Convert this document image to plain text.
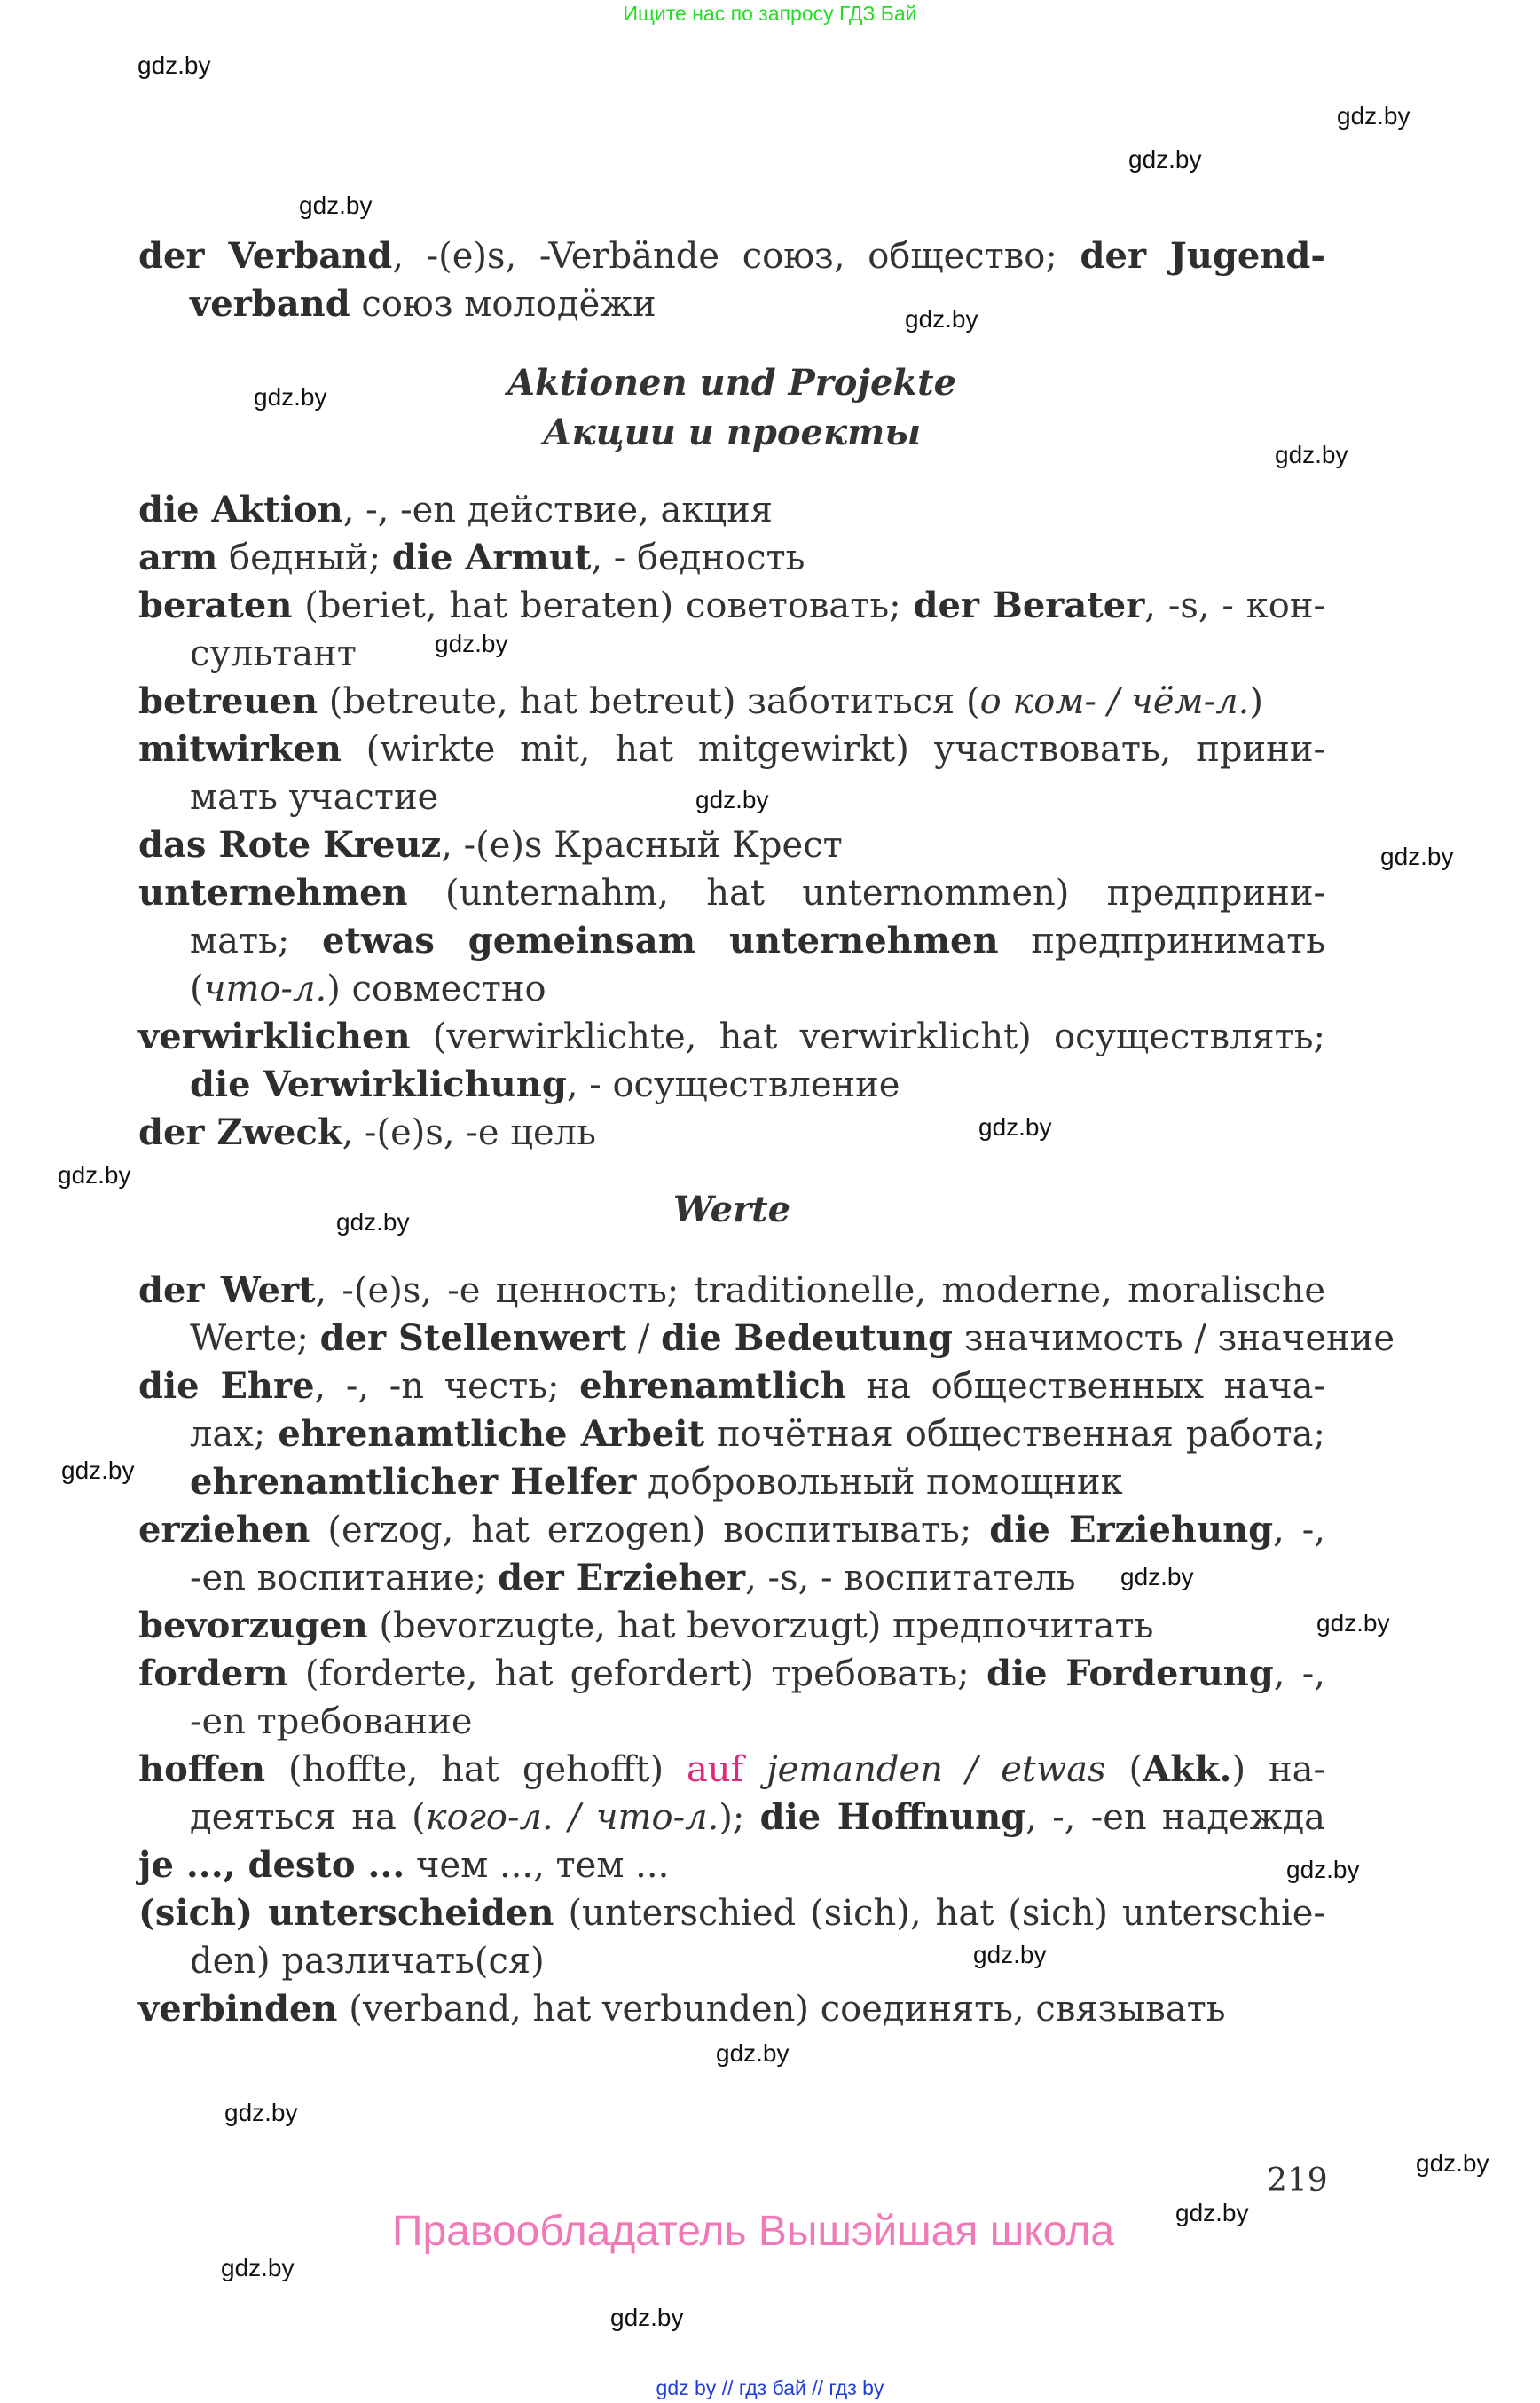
Ищите нас по запросу ГДЗ Бай
gdz.by
gdz.by
gdz.by
gdz.by
gdz.by
gdz.by
gdz.by
gdz.by
gdz.by
gdz.by
gdz.by
gdz.by
gdz.by
gdz.by
gdz.by
gdz.by
gdz.by
gdz.by
gdz.by
gdz.by
gdz.by
gdz.by
gdz.by
gdz.by
der Verband, -(e)s, -Verbände союз, общество; der Jugend-
verband союз молодёжи
Aktionen und Projekte
Акции и проекты
die Aktion, -, -en действие, акция
arm бедный; die Armut, - бедность
beraten (beriet, hat beraten) советовать; der Berater, -s, - кон-
сультант
betreuen (betreute, hat betreut) заботиться (о ком- / чём-л.)
mitwirken (wirkte mit, hat mitgewirkt) участвовать, прини-
мать участие
das Rote Kreuz, -(e)s Красный Крест
unternehmen (unternahm, hat unternommen) предприни-
мать; etwas gemeinsam unternehmen предпринимать
(что-л.) совместно
verwirklichen (verwirklichte, hat verwirklicht) осуществлять;
die Verwirklichung, - осуществление
der Zweck, -(e)s, -e цель
Werte
der Wert, -(e)s, -e ценность; traditionelle, moderne, moralische
Werte; der Stellenwert / die Bedeutung значимость / значение
die Ehre, -, -n честь; ehrenamtlich на общественных нача-
лах; ehrenamtliche Arbeit почётная общественная работа;
ehrenamtlicher Helfer добровольный помощник
erziehen (erzog, hat erzogen) воспитывать; die Erziehung, -,
-en воспитание; der Erzieher, -s, - воспитатель
bevorzugen (bevorzugte, hat bevorzugt) предпочитать
fordern (forderte, hat gefordert) требовать; die Forderung, -,
-en требование
hoffen (hoffte, hat gehofft) auf jemanden / etwas (Akk.) на-
деяться на (кого-л. / что-л.); die Hoffnung, -, -en надежда
je ..., desto ... чем ..., тем ...
(sich) unterscheiden (unterschied (sich), hat (sich) unterschie-
den) различать(ся)
verbinden (verband, hat verbunden) соединять, связывать
219
Правообладатель Вышэйшая школа
gdz by // гдз бай // гдз by
